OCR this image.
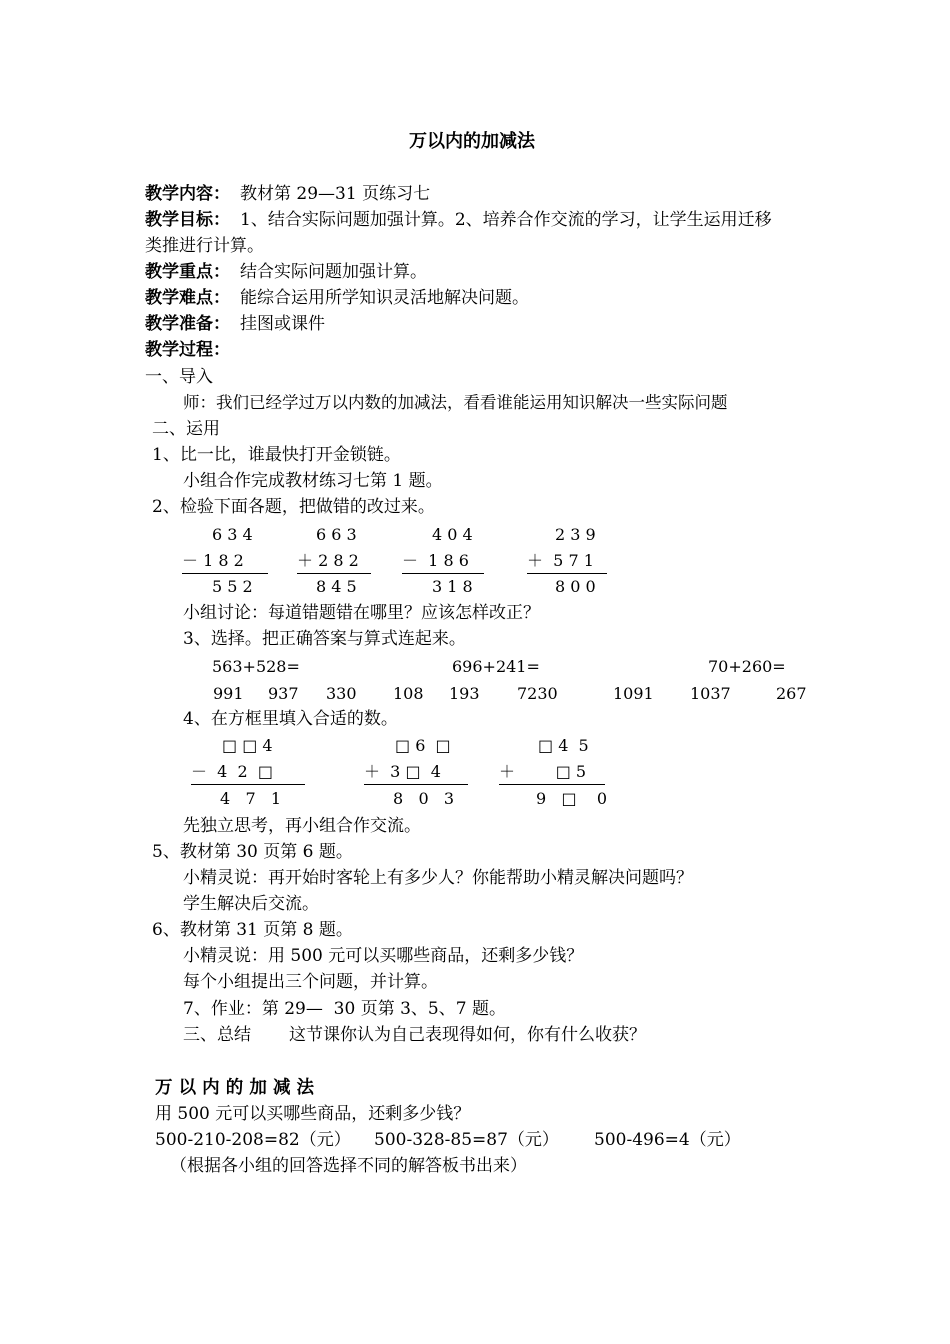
万以内的加减法
教学内容： 教材第 29—31 页练习七
教学目标： 1、结合实际问题加强计算。2、培养合作交流的学习，让学生运用迁移
类推进行计算。
教学重点： 结合实际问题加强计算。
教学难点： 能综合运用所学知识灵活地解决问题。
教学准备： 挂图或课件
教学过程：
一、导入
师：我们已经学过万以内数的加减法，看看谁能运用知识解决一些实际问题
二、运用
1、比一比，谁最快打开金锁链。
小组合作完成教材练习七第 1 题。
2、检验下面各题，把做错的改过来。
6 3 4
－ 1 8 2
5 5 2
6 6 3
＋ 2 8 2
8 4 5
4 0 4
－  1 8 6
3 1 8
2 3 9
＋  5 7 1
8 0 0
小组讨论：每道错题错在哪里？应该怎样改正？
3、选择。把正确答案与算式连起来。
563+528=	696+241=	70+260=
991 937 330 108 193 7230	1091 1037	267
4、在方框里填入合适的数。
□ □ 4
－  4  2  □
4   7   1
□ 6  □
＋  3 □  4
8   0   3
□ 4  5
＋        □ 5
9   □    0
先独立思考，再小组合作交流。
5、教材第 30 页第 6 题。
小精灵说：再开始时客轮上有多少人？你能帮助小精灵解决问题吗？
学生解决后交流。
6、教材第 31 页第 8 题。
小精灵说：用 500 元可以买哪些商品，还剩多少钱？
每个小组提出三个问题，并计算。
7、作业：第 29—  30 页第 3、5、7 题。
三、总结 这节课你认为自己表现得如何，你有什么收获？
万 以 内 的 加 减 法
用 500 元可以买哪些商品，还剩多少钱？
500-210-208=82（元） 500-328-85=87（元） 500-496=4（元）
（根据各小组的回答选择不同的解答板书出来）
